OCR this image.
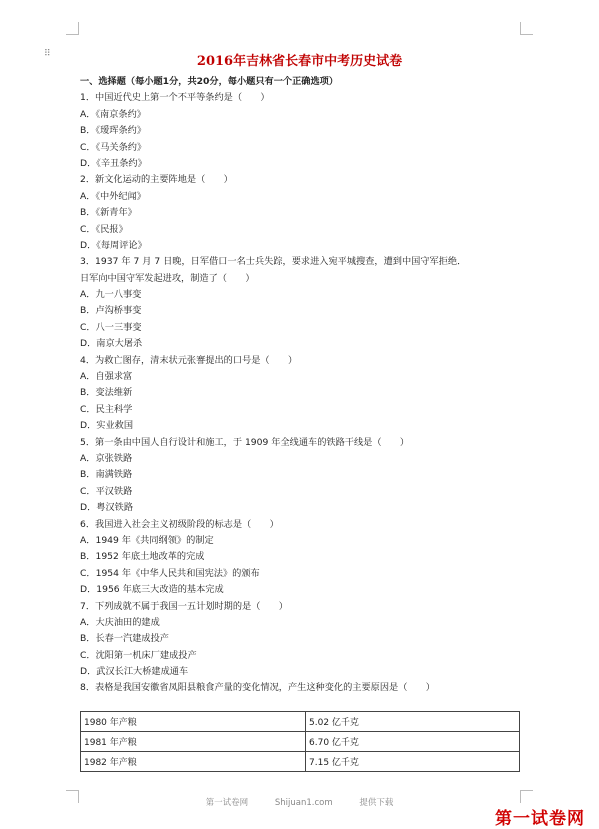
⠿	2016年吉林省长春市中考历史试卷
一、选择题（每小题1分，共20分，每小题只有一个正确选项）
1．中国近代史上第一个不平等条约是（　　）
A．《南京条约》
B．《瑷珲条约》
C．《马关条约》
D．《辛丑条约》
2．新文化运动的主要阵地是（　　）
A．《中外纪闻》
B．《新青年》
C．《民报》
D．《每周评论》
3．1937 年 7 月 7 日晚，日军借口一名士兵失踪，要求进入宛平城搜查，遭到中国守军拒绝．
日军向中国守军发起进攻，制造了（　　）
A．九一八事变
B．卢沟桥事变
C．八一三事变
D．南京大屠杀
4．为救亡图存，清末状元张謇提出的口号是（　　）
A．自强求富
B．变法维新
C．民主科学
D．实业救国
5．第一条由中国人自行设计和施工，于 1909 年全线通车的铁路干线是（　　）
A．京张铁路
B．南满铁路
C．平汉铁路
D．粤汉铁路
6．我国进入社会主义初级阶段的标志是（　　）
A．1949 年《共同纲领》的制定
B．1952 年底土地改革的完成
C．1954 年《中华人民共和国宪法》的颁布
D．1956 年底三大改造的基本完成
7．下列成就不属于我国一五计划时期的是（　　）
A．大庆油田的建成
B．长春一汽建成投产
C．沈阳第一机床厂建成投产
D．武汉长江大桥建成通车
8．表格是我国安徽省凤阳县粮食产量的变化情况，产生这种变化的主要原因是（　　）
1980 年产粮	5.02 亿千克
1981 年产粮	6.70 亿千克
1982 年产粮	7.15 亿千克
第一试卷网	Shijuan1.com	提供下载
第一试卷网
